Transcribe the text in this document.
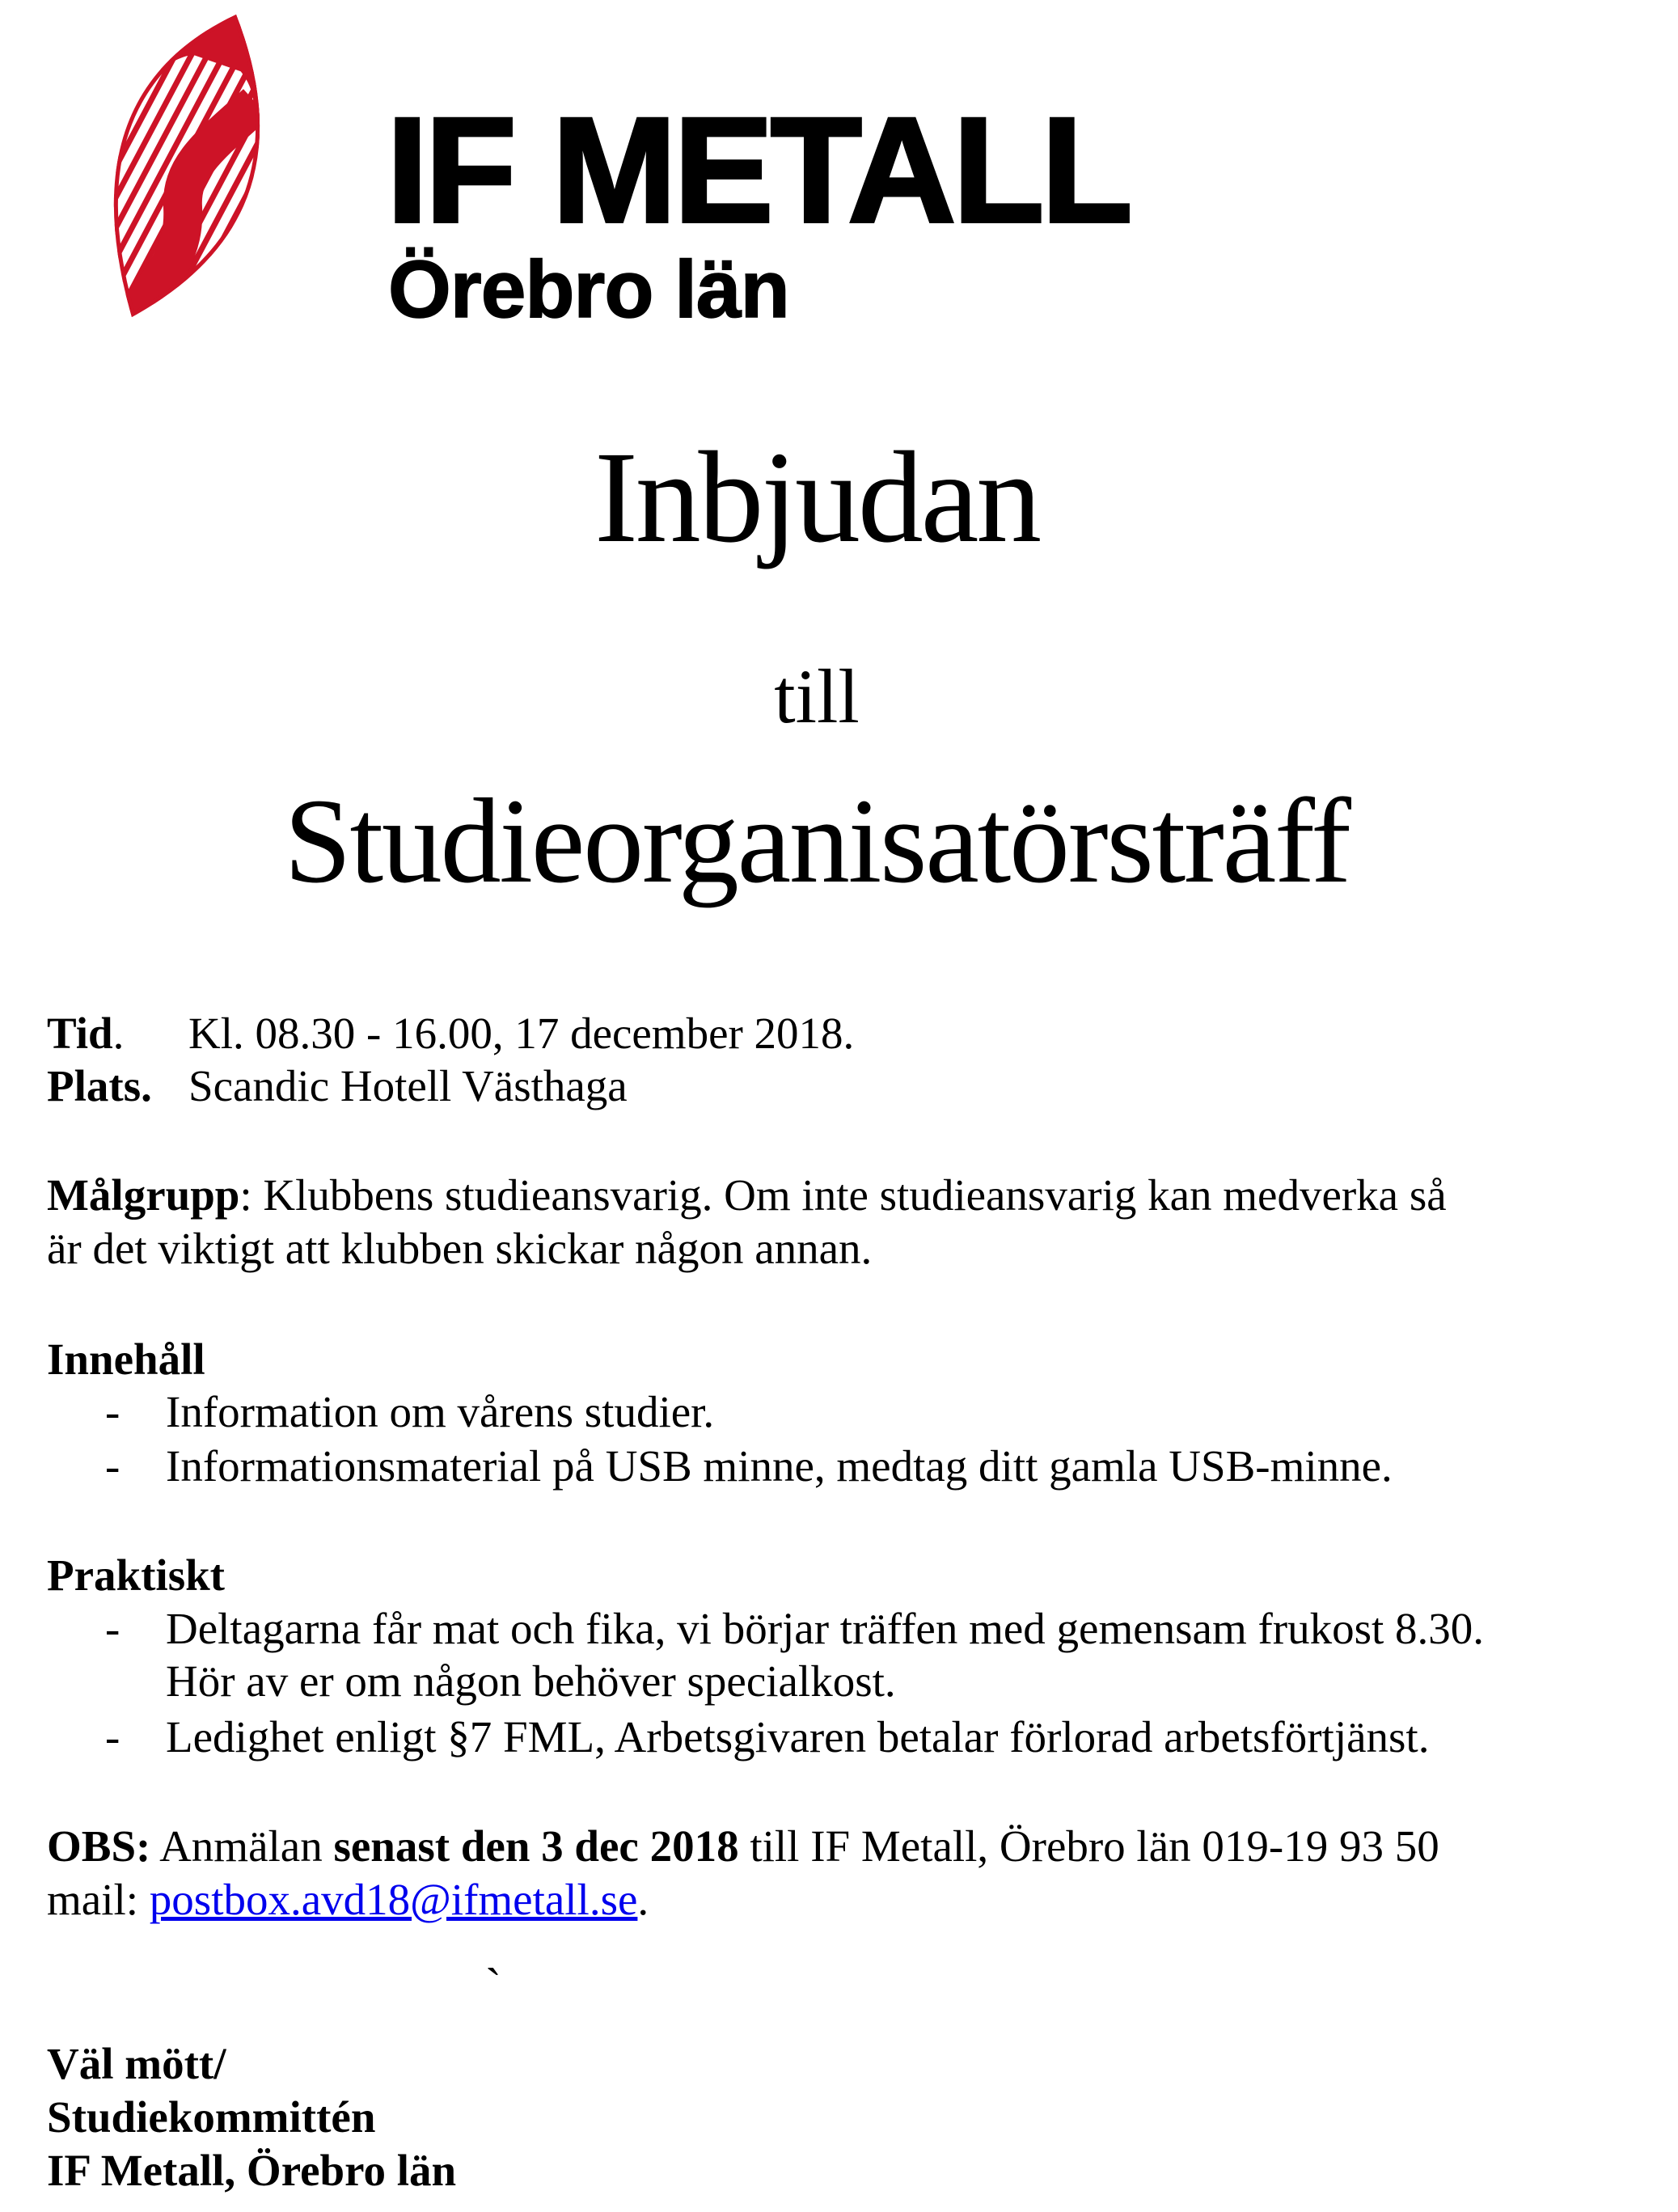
IF METALL
Örebro län
Inbjudan
till
Studieorganisatörsträff
Tid. Kl. 08.30 - 16.00, 17 december 2018.
Plats. Scandic Hotell Västhaga
Målgrupp: Klubbens studieansvarig. Om inte studieansvarig kan medverka så
är det viktigt att klubben skickar någon annan.
Innehåll
- Information om vårens studier.
- Informationsmaterial på USB minne, medtag ditt gamla USB-minne.
Praktiskt
- Deltagarna får mat och fika, vi börjar träffen med gemensam frukost 8.30.
Hör av er om någon behöver specialkost.
- Ledighet enligt §7 FML, Arbetsgivaren betalar förlorad arbetsförtjänst.
OBS: Anmälan senast den 3 dec 2018 till IF Metall, Örebro län 019-19 93 50
mail: postbox.avd18@ifmetall.se.
`
Väl mött/
Studiekommittén
IF Metall, Örebro län
